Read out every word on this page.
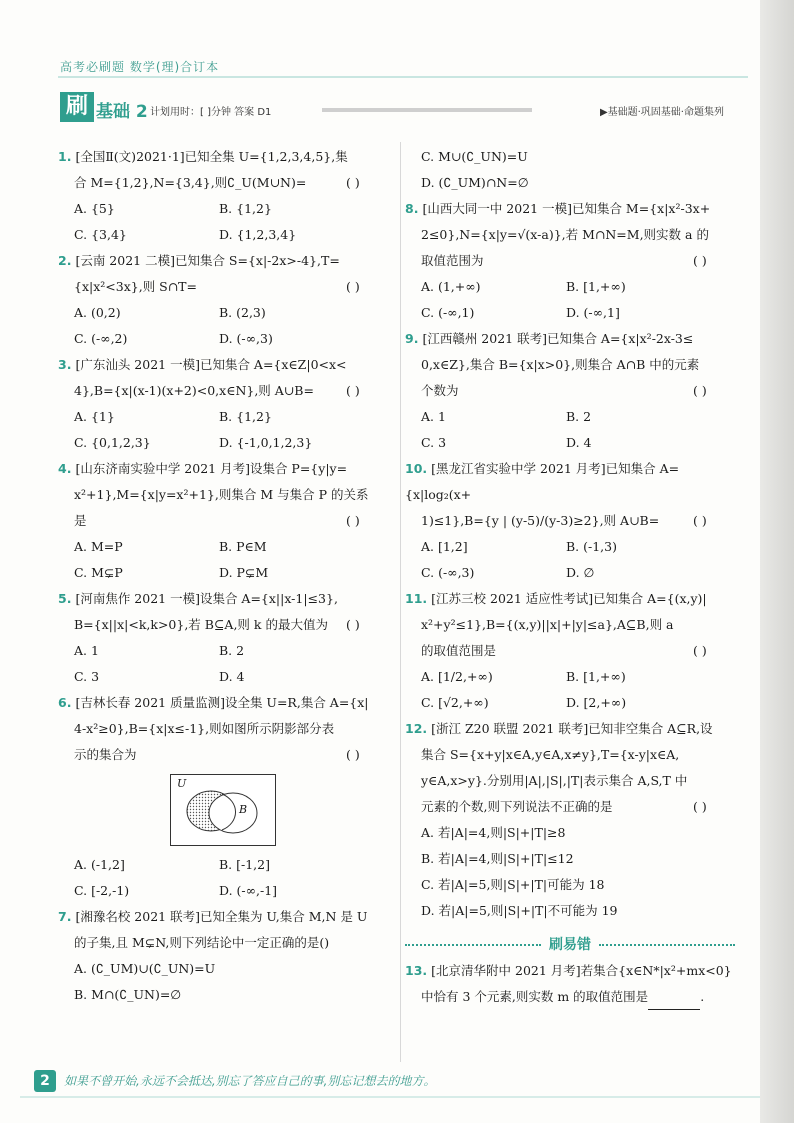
高考必刷题 数学(理)合订本
刷 基础 2 计划用时：[ ]分钟 答案 D1	▶基础题·巩固基础·命题集列
1. [全国Ⅱ(文)2021·1]已知全集 U={1,2,3,4,5},集
合 M={1,2},N={3,4},则∁_U(M∪N)=	( )
A. {5}	B. {1,2}
C. {3,4}	D. {1,2,3,4}
2. [云南 2021 二模]已知集合 S={x|-2x>-4},T=
{x|x²<3x},则 S∩T=	( )
A. (0,2)	B. (2,3)
C. (-∞,2)	D. (-∞,3)
3. [广东汕头 2021 一模]已知集合 A={x∈Z|0<x<
4},B={x|(x-1)(x+2)<0,x∈N},则 A∪B=	( )
A. {1}	B. {1,2}
C. {0,1,2,3}	D. {-1,0,1,2,3}
4. [山东济南实验中学 2021 月考]设集合 P={y|y=
x²+1},M={x|y=x²+1},则集合 M 与集合 P 的关系
是	( )
A. M=P	B. P∈M
C. M⊊P	D. P⊊M
5. [河南焦作 2021 一模]设集合 A={x||x-1|≤3},
B={x||x|<k,k>0},若 B⊆A,则 k 的最大值为 ( )
A. 1	B. 2
C. 3	D. 4
6. [吉林长春 2021 质量监测]设全集 U=R,集合 A={x|
4-x²≥0},B={x|x≤-1},则如图所示阴影部分表
示的集合为	( )
U
B
A. (-1,2]	B. [-1,2]
C. [-2,-1)	D. (-∞,-1]
7. [湘豫名校 2021 联考]已知全集为 U,集合 M,N 是 U
的子集,且 M⊊N,则下列结论中一定正确的是()
A. (∁_UM)∪(∁_UN)=U
B. M∩(∁_UN)=∅
C. M∪(∁_UN)=U
D. (∁_UM)∩N=∅
8. [山西大同一中 2021 一模]已知集合 M={x|x²-3x+
2≤0},N={x|y=√(x-a)},若 M∩N=M,则实数 a 的
取值范围为	( )
A. (1,+∞)	B. [1,+∞)
C. (-∞,1)	D. (-∞,1]
9. [江西赣州 2021 联考]已知集合 A={x|x²-2x-3≤
0,x∈Z},集合 B={x|x>0},则集合 A∩B 中的元素
个数为	( )
A. 1	B. 2
C. 3	D. 4
10. [黑龙江省实验中学 2021 月考]已知集合 A={x|log₂(x+
1)≤1},B={y | (y-5)/(y-3)≥2},则 A∪B=	( )
A. [1,2]	B. (-1,3)
C. (-∞,3)	D. ∅
11. [江苏三校 2021 适应性考试]已知集合 A={(x,y)|
x²+y²≤1},B={(x,y)||x|+|y|≤a},A⊆B,则 a
的取值范围是	( )
A. [1/2,+∞)	B. [1,+∞)
C. [√2,+∞)	D. [2,+∞)
12. [浙江 Z20 联盟 2021 联考]已知非空集合 A⊆R,设
集合 S={x+y|x∈A,y∈A,x≠y},T={x-y|x∈A,
y∈A,x>y}.分别用|A|,|S|,|T|表示集合 A,S,T 中
元素的个数,则下列说法不正确的是	( )
A. 若|A|=4,则|S|+|T|≥8
B. 若|A|=4,则|S|+|T|≤12
C. 若|A|=5,则|S|+|T|可能为 18
D. 若|A|=5,则|S|+|T|不可能为 19
刷易错
13. [北京清华附中 2021 月考]若集合{x∈N*|x²+mx<0}
中恰有 3 个元素,则实数 m 的取值范围是	.
2	如果不曾开始,永远不会抵达,别忘了答应自己的事,别忘记想去的地方。
